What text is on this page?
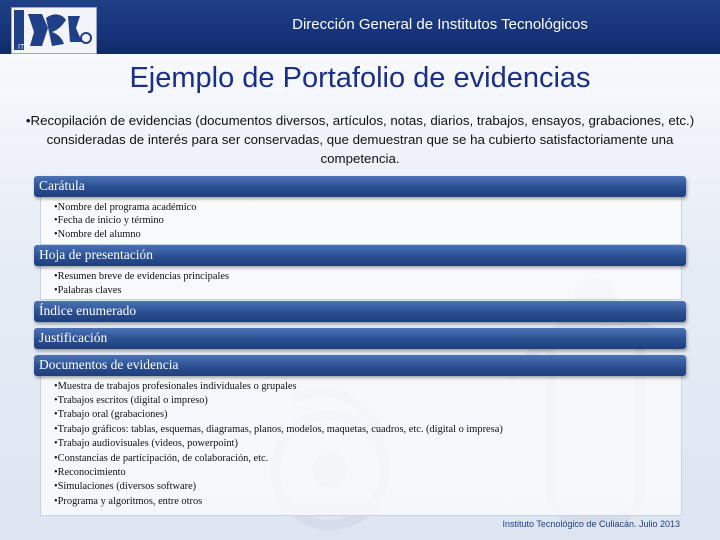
ITS
Dirección General de Institutos Tecnológicos
Ejemplo de Portafolio de evidencias
•Recopilación de evidencias (documentos diversos, artículos, notas, diarios, trabajos, ensayos, grabaciones, etc.) consideradas de interés para ser conservadas, que demuestran que se ha cubierto satisfactoriamente una competencia.
•Nombre del programa académico
•Fecha de inicio y término
•Nombre del alumno
Carátula
•Resumen breve de evidencias principales
•Palabras claves
Hoja de presentación
Índice enumerado
Justificación
•Muestra de trabajos profesionales individuales o grupales
•Trabajos escritos (digital o impreso)
•Trabajo oral (grabaciones)
•Trabajo gráficos: tablas, esquemas, diagramas, planos, modelos, maquetas, cuadros, etc. (digital o impresa)
•Trabajo audiovisuales (videos, powerpoint)
•Constancias de participación, de colaboración, etc.
•Reconocimiento
•Simulaciones (diversos software)
•Programa y algoritmos, entre otros
Documentos de evidencia
Instituto Tecnológico de Culiacán. Julio 2013
